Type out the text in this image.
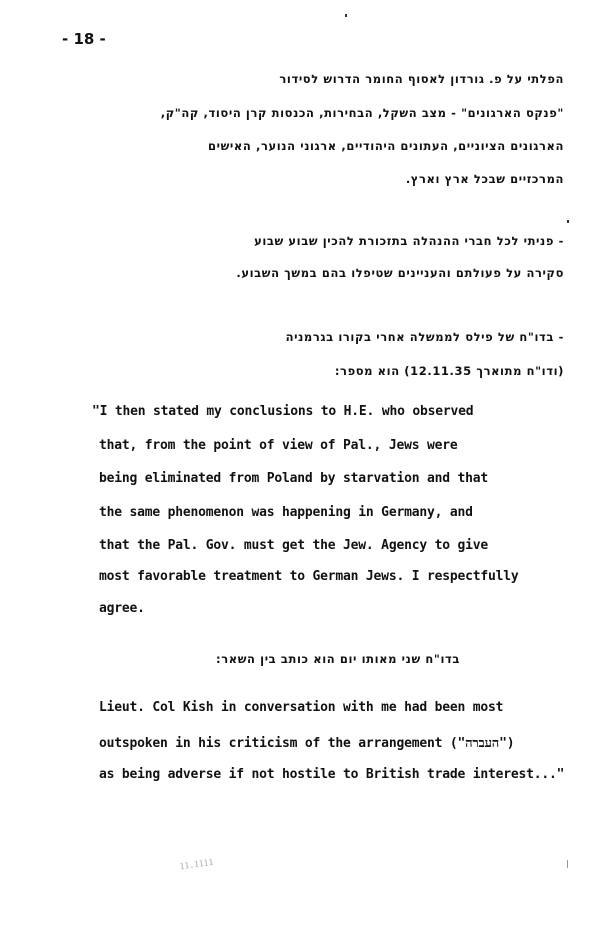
- 18 -
הפלתי על פ. גורדון לאסוף החומר הדרוש לסידור
"פנקס הארגונים" - מצב השקל, הבחירות, הכנסות קרן היסוד, קה"ק,
הארגונים הציוניים, העתונים היהודיים, ארגוני הנוער, האישים
המרכזיים שבכל ארץ וארץ.
- פניתי לכל חברי ההנהלה בתזכורת להכין שבוע שבוע
סקירה על פעולתם והעניינים שטיפלו בהם במשך השבוע.
- בדו"ח של פילס לממשלה אחרי בקורו בגרמניה
(ודו"ח מתוארך 12.11.35) הוא מספר:
"I then stated my conclusions to H.E. who observed
that, from the point of view of Pal., Jews were
being eliminated from Poland by starvation and that
the same phenomenon was happening in Germany, and
that the Pal. Gov. must get the Jew. Agency to give
most favorable treatment to German Jews. I respectfully
agree.
בדו"ח שני מאותו יום הוא כותב בין השאר:
Lieut. Col Kish in conversation with me had been most
outspoken in his criticism of the arrangement ("העברה")
as being adverse if not hostile to British trade interest..."
ıı.ıııı
